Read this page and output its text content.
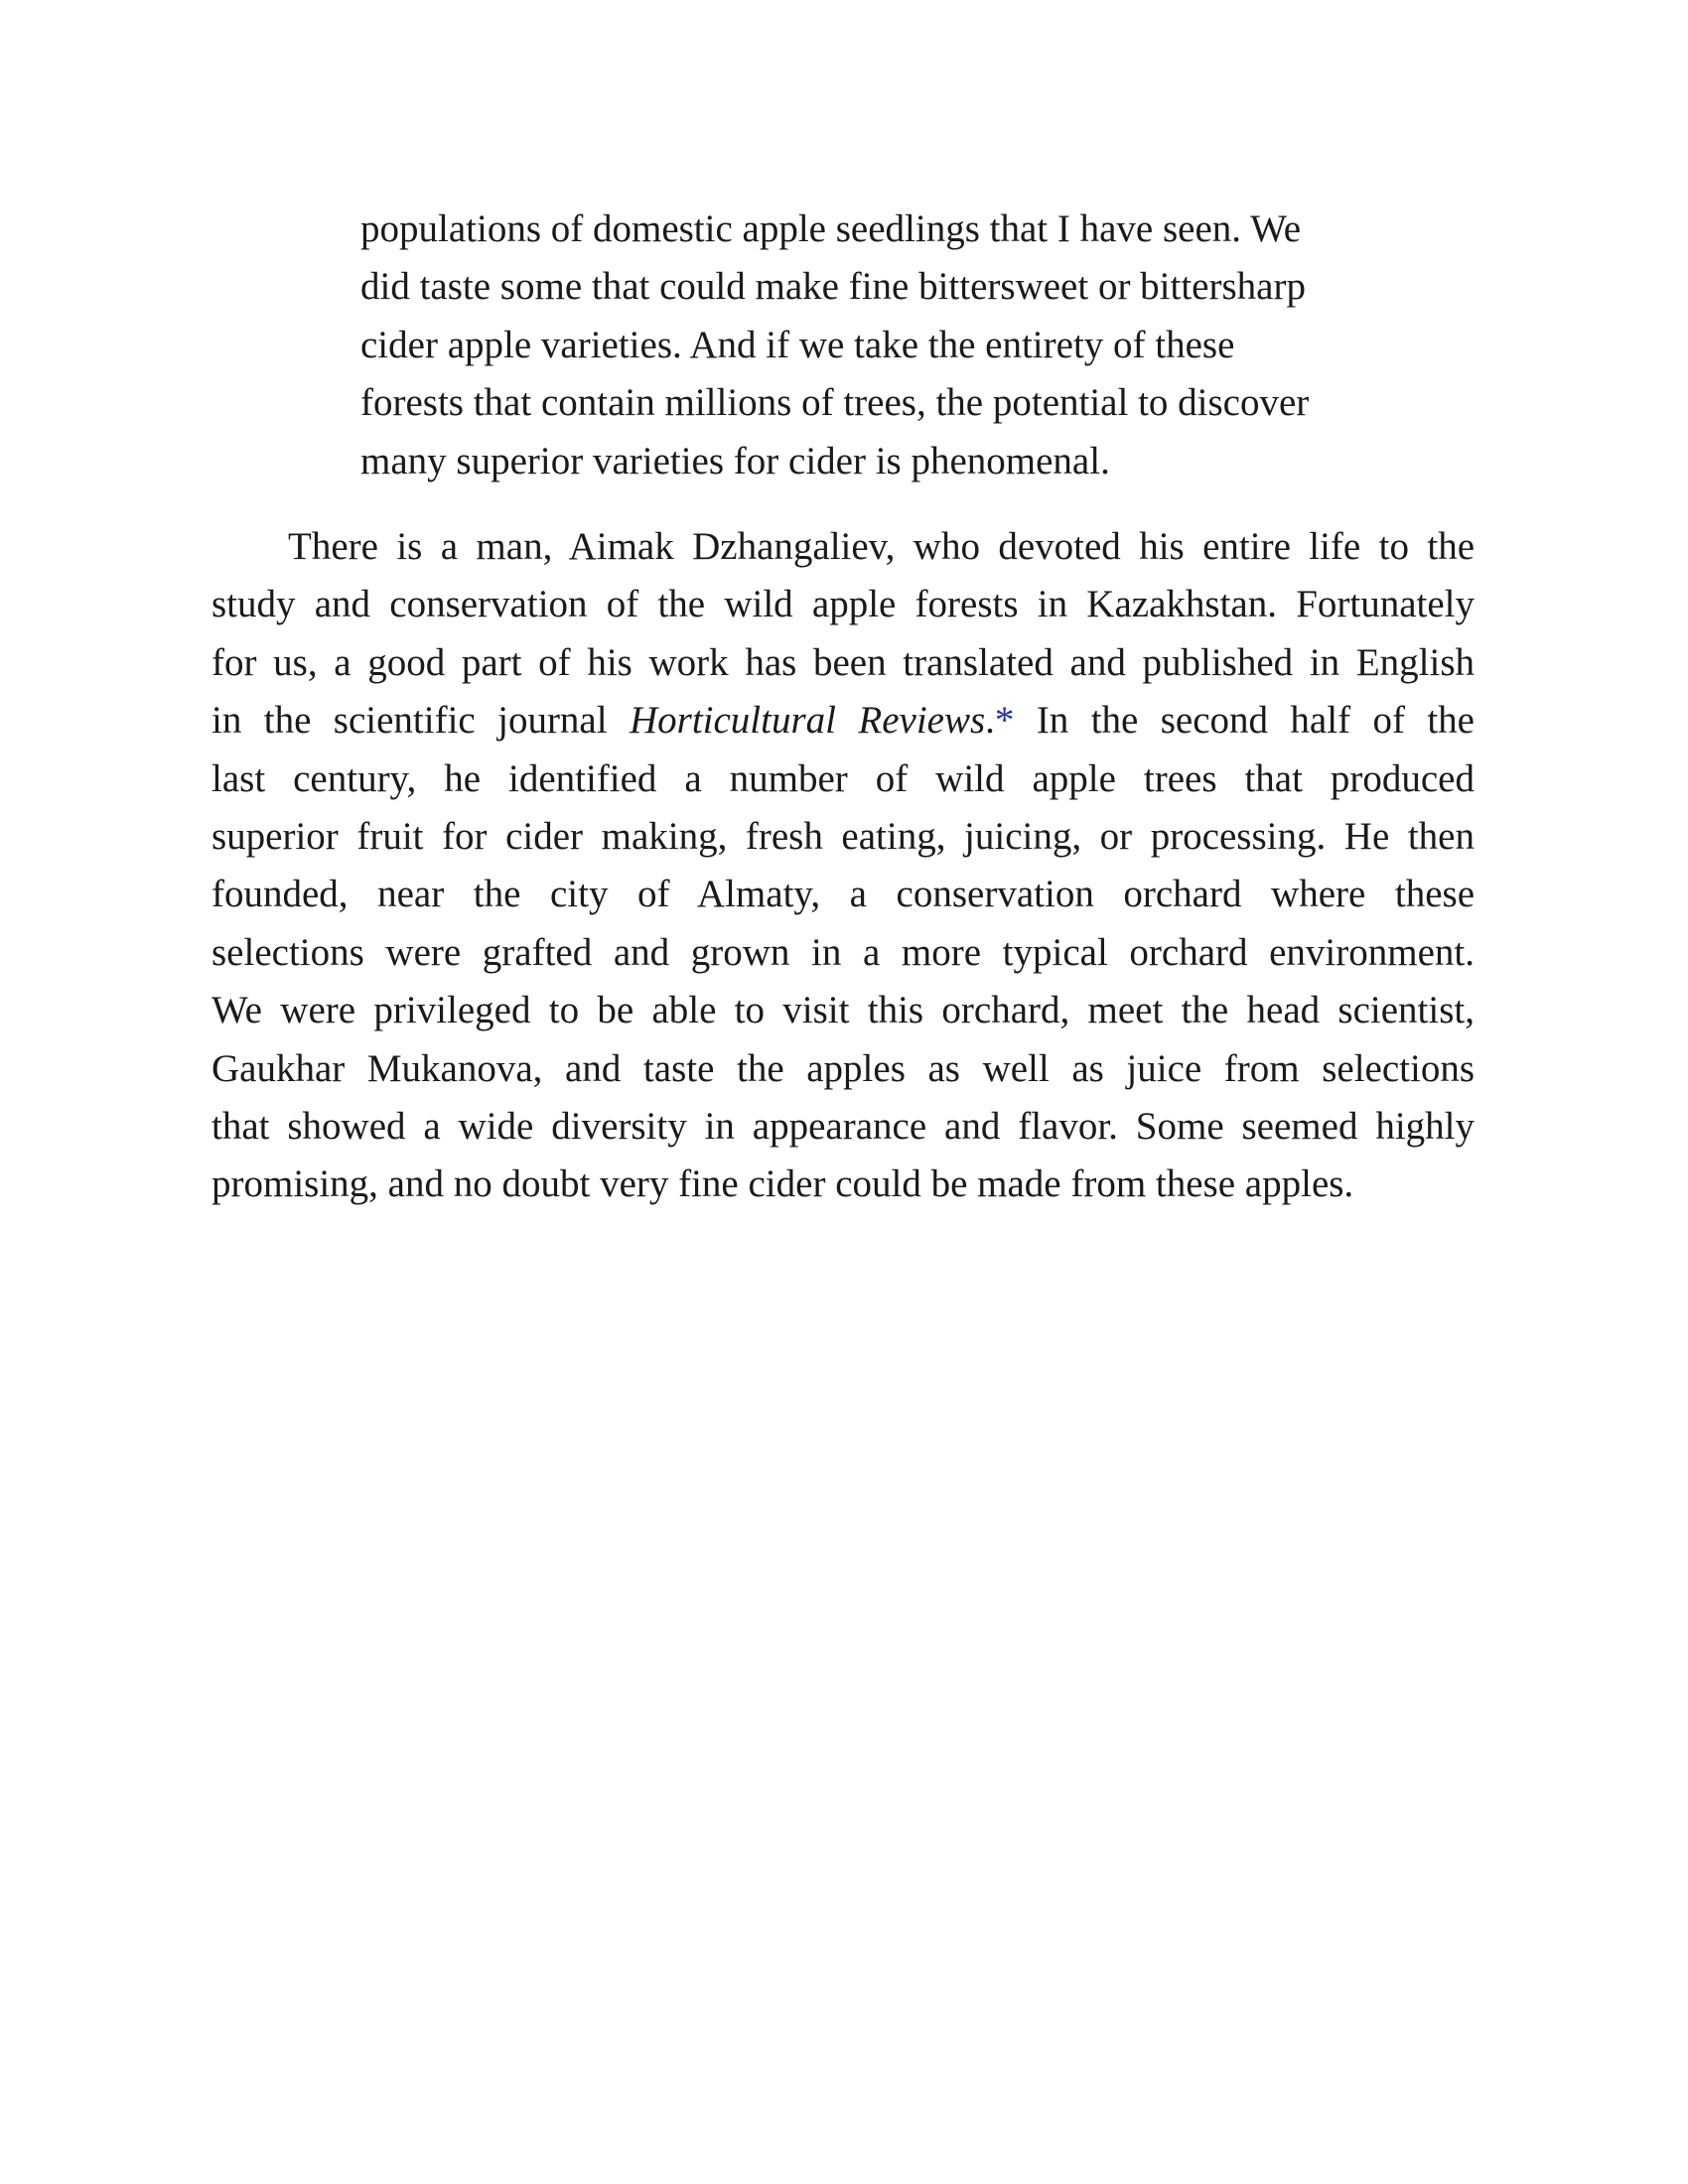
populations of domestic apple seedlings that I have seen. We
did taste some that could make fine bittersweet or bittersharp
cider apple varieties. And if we take the entirety of these
forests that contain millions of trees, the potential to discover
many superior varieties for cider is phenomenal.
There is a man, Aimak Dzhangaliev, who devoted his entire life to the
study and conservation of the wild apple forests in Kazakhstan. Fortunately
for us, a good part of his work has been translated and published in English
in the scientific journal Horticultural Reviews.* In the second half of the
last century, he identified a number of wild apple trees that produced
superior fruit for cider making, fresh eating, juicing, or processing. He then
founded, near the city of Almaty, a conservation orchard where these
selections were grafted and grown in a more typical orchard environment.
We were privileged to be able to visit this orchard, meet the head scientist,
Gaukhar Mukanova, and taste the apples as well as juice from selections
that showed a wide diversity in appearance and flavor. Some seemed highly
promising, and no doubt very fine cider could be made from these apples.
